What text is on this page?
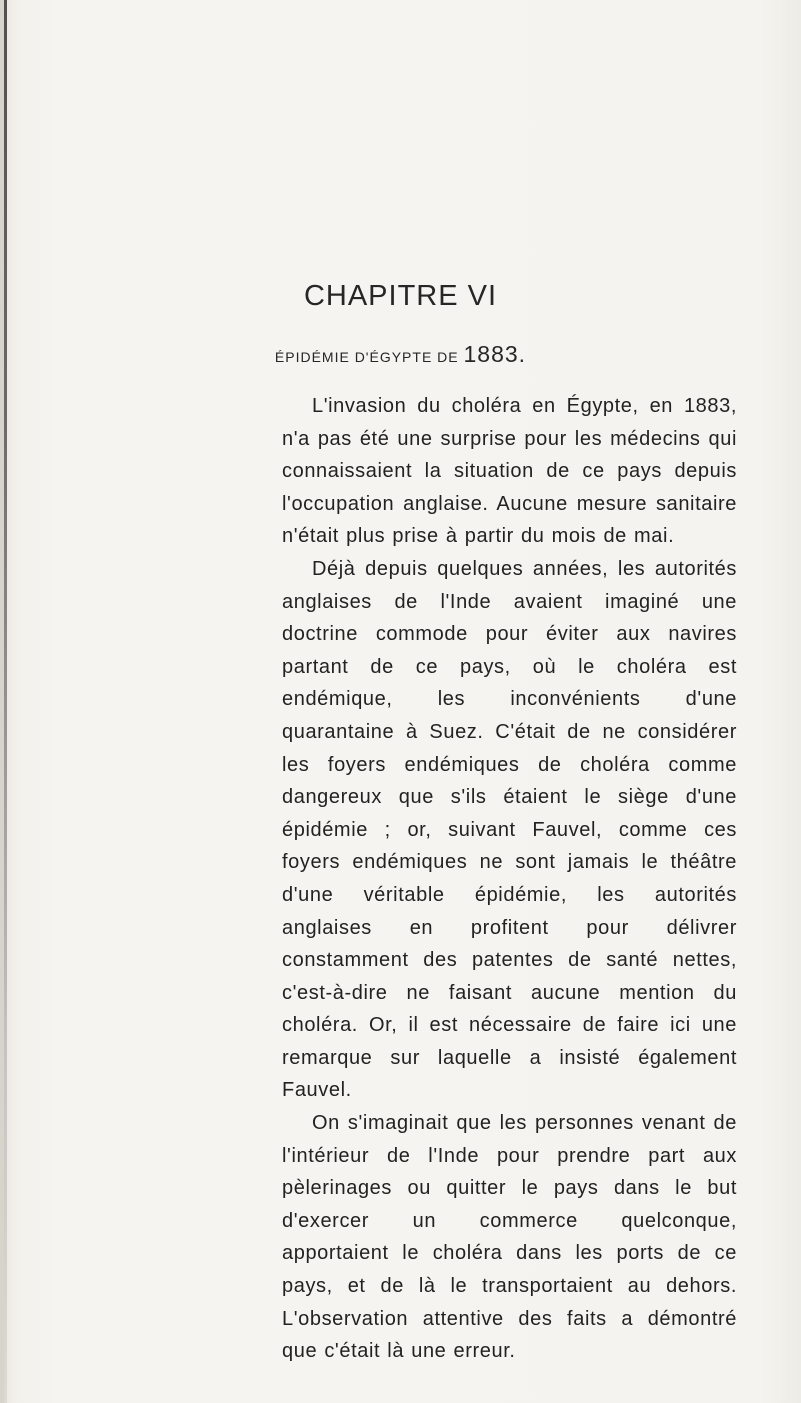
CHAPITRE VI
ÉPIDÉMIE D'ÉGYPTE DE 1883.

L'invasion du choléra en Égypte, en 1883, n'a pas été une surprise pour les médecins qui connaissaient la situation de ce pays depuis l'occupation anglaise. Aucune mesure sanitaire n'était plus prise à partir du mois de mai.

Déjà depuis quelques années, les autorités anglaises de l'Inde avaient imaginé une doctrine commode pour éviter aux navires partant de ce pays, où le choléra est endémique, les inconvénients d'une quarantaine à Suez. C'était de ne considérer les foyers endémiques de choléra comme dangereux que s'ils étaient le siège d'une épidémie ; or, suivant Fauvel, comme ces foyers endémiques ne sont jamais le théâtre d'une véritable épidémie, les autorités anglaises en profitent pour délivrer constamment des patentes de santé nettes, c'est-à-dire ne faisant aucune mention du choléra. Or, il est nécessaire de faire ici une remarque sur laquelle a insisté également Fauvel.

On s'imaginait que les personnes venant de l'intérieur de l'Inde pour prendre part aux pèlerinages ou quitter le pays dans le but d'exercer un commerce quelconque, apportaient le choléra dans les ports de ce pays, et de là le transportaient au dehors. L'observation attentive des faits a démontré que c'était là une erreur.
